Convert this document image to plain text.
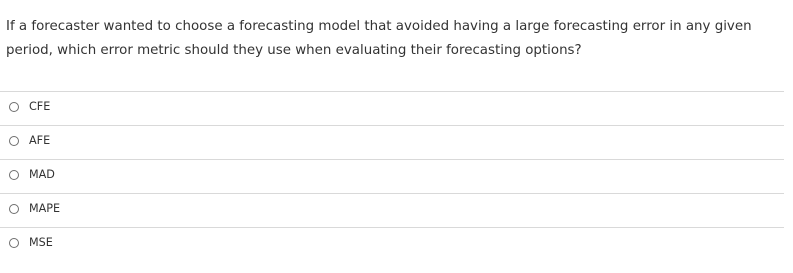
If a forecaster wanted to choose a forecasting model that avoided having a large forecasting error in any given period, which error metric should they use when evaluating their forecasting options?

CFE
AFE
MAD
MAPE
MSE
